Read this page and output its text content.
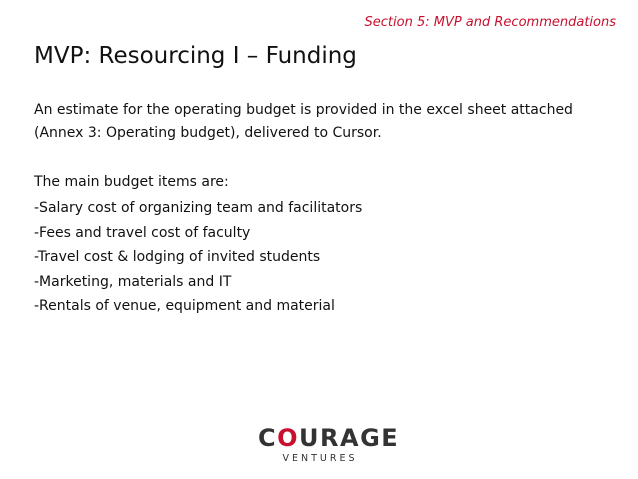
Section 5: MVP and Recommendations
MVP: Resourcing I – Funding
An estimate for the operating budget is provided in the excel sheet attached
(Annex 3: Operating budget), delivered to Cursor.
The main budget items are:
-Salary cost of organizing team and facilitators
-Fees and travel cost of faculty
-Travel cost & lodging of invited students
-Marketing, materials and IT
-Rentals of venue, equipment and material
COURAGE
VENTURES
